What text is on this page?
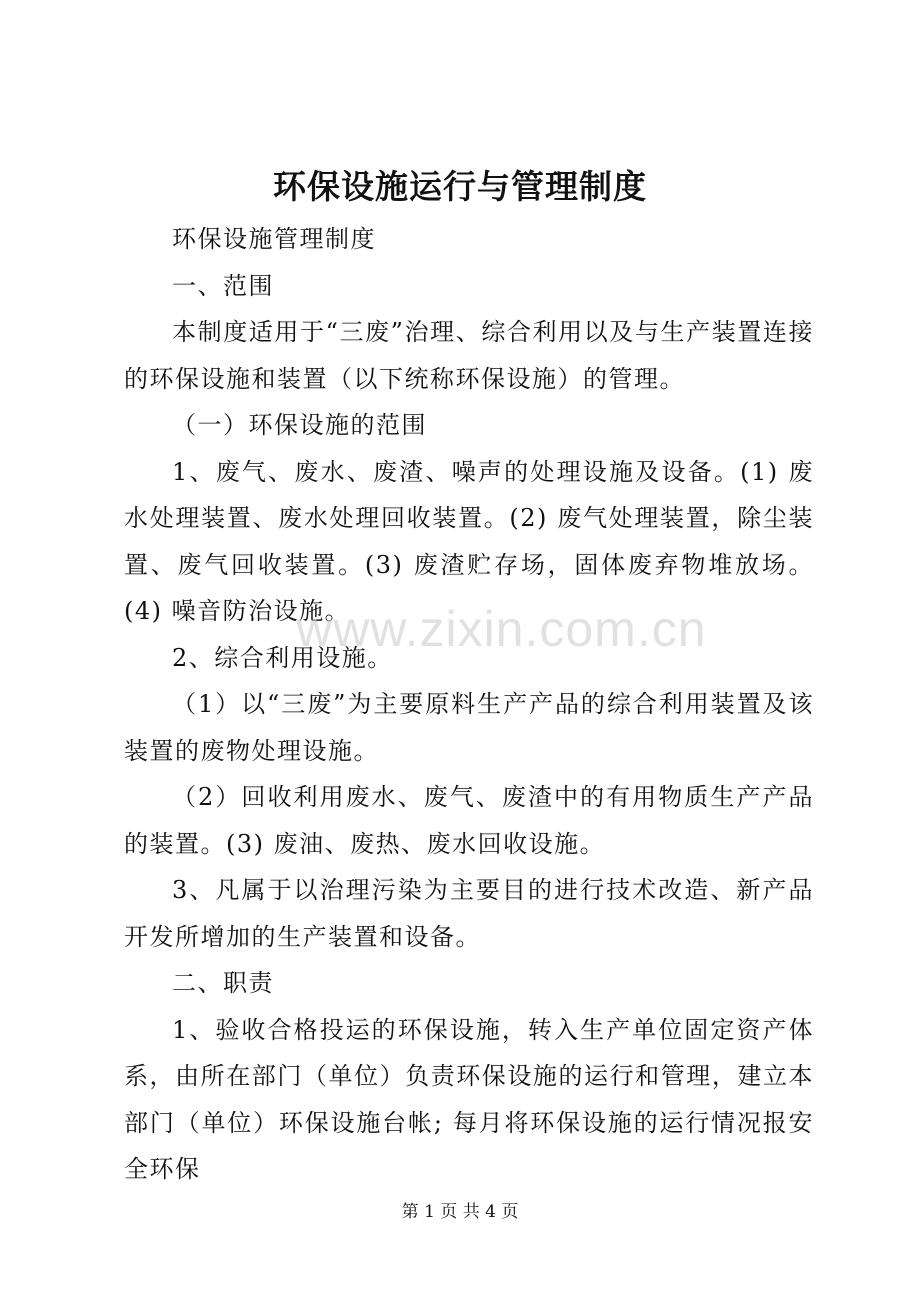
环保设施运行与管理制度

环保设施管理制度

一、范围

本制度适用于“三废”治理、综合利用以及与生产装置连接的环保设施和装置（以下统称环保设施）的管理。

（一）环保设施的范围

1、废气、废水、废渣、噪声的处理设施及设备。(1) 废水处理装置、废水处理回收装置。(2) 废气处理装置，除尘装置、废气回收装置。(3) 废渣贮存场，固体废弃物堆放场。(4) 噪音防治设施。

2、综合利用设施。

（1）以“三废”为主要原料生产产品的综合利用装置及该装置的废物处理设施。

（2）回收利用废水、废气、废渣中的有用物质生产产品的装置。(3) 废油、废热、废水回收设施。

3、凡属于以治理污染为主要目的进行技术改造、新产品开发所增加的生产装置和设备。

二、职责

1、验收合格投运的环保设施，转入生产单位固定资产体系，由所在部门（单位）负责环保设施的运行和管理，建立本部门（单位）环保设施台帐; 每月将环保设施的运行情况报安全环保

www.zixin.com.cn
第 1 页 共 4 页
